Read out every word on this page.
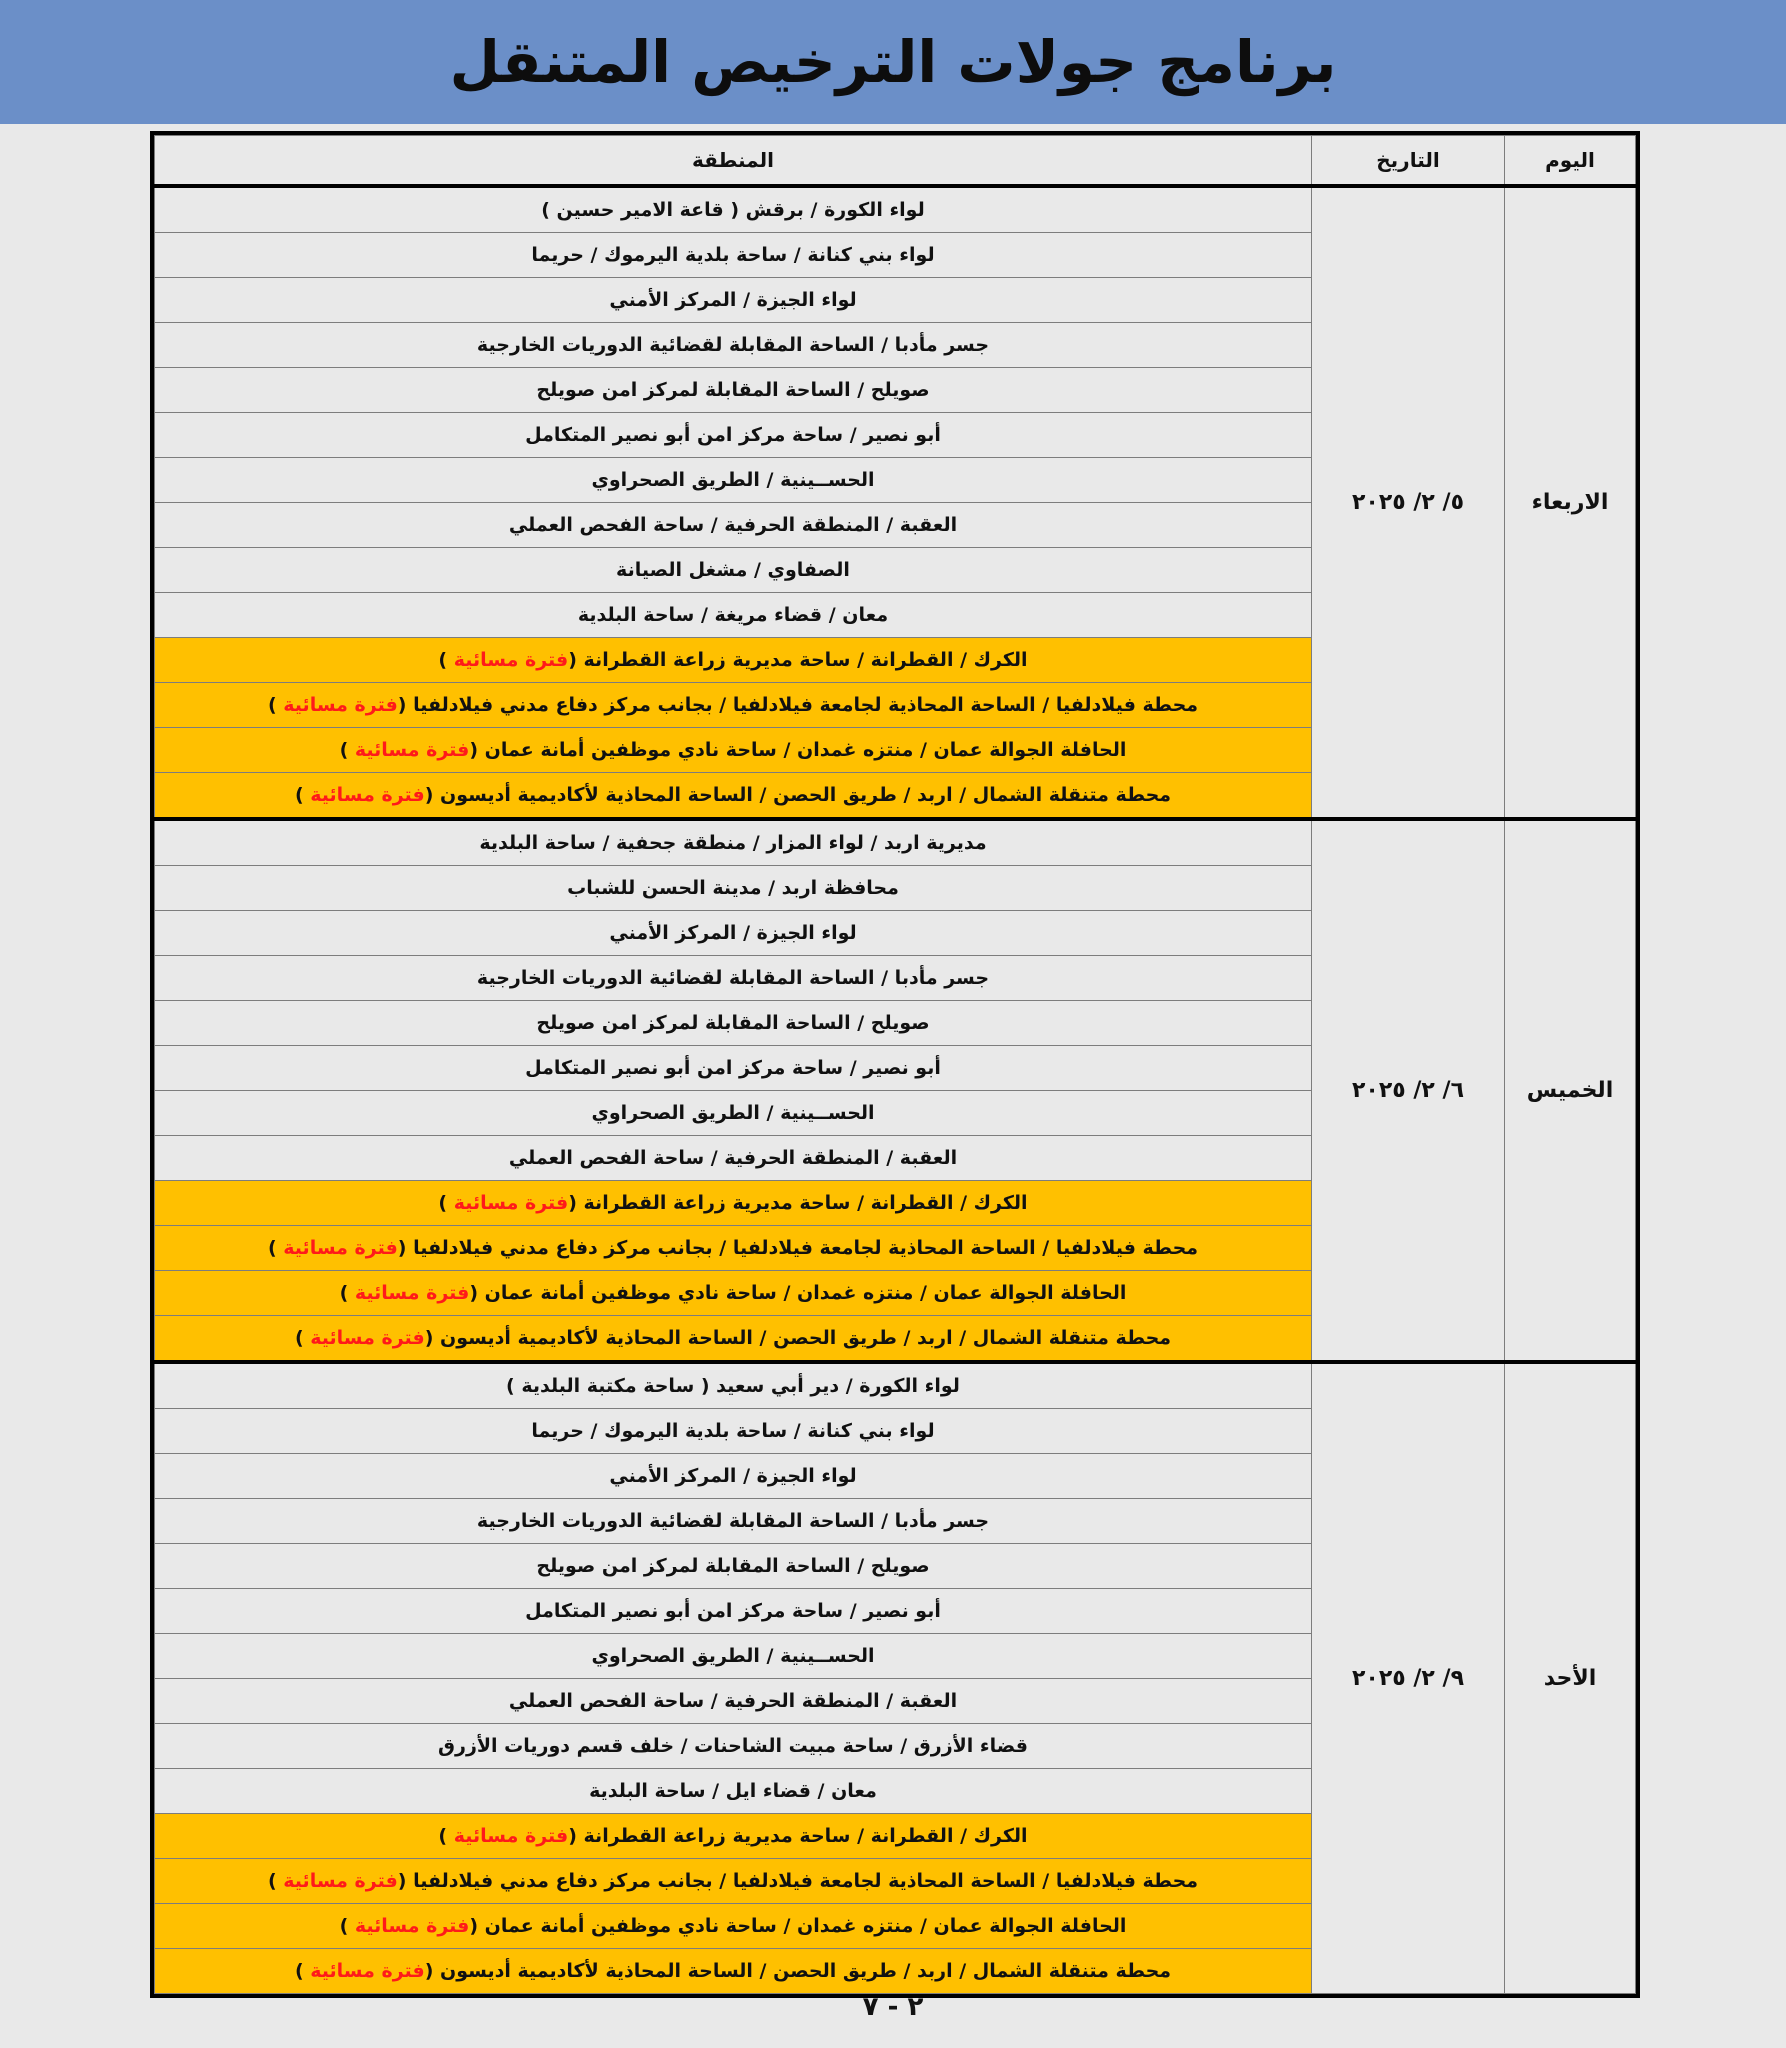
برنامج جولات الترخيص المتنقل
اليوم	التاريخ	المنطقة
الاربعاء	٥/ ٢/ ٢٠٢٥	لواء الكورة / برقش ( قاعة الامير حسين )
		لواء بني كنانة / ساحة بلدية اليرموك / حريما
		لواء الجيزة / المركز الأمني
		جسر مأدبا / الساحة المقابلة لقضائية الدوريات الخارجية
		صويلح / الساحة المقابلة لمركز امن صويلح
		أبو نصير / ساحة مركز امن أبو نصير المتكامل
		الحســينية / الطريق الصحراوي
		العقبة / المنطقة الحرفية / ساحة الفحص العملي
		الصفاوي / مشغل الصيانة
		معان / قضاء مريغة / ساحة البلدية
		الكرك / القطرانة / ساحة مديرية زراعة القطرانة (فترة مسائية )
		محطة فيلادلفيا / الساحة المحاذية لجامعة فيلادلفيا / بجانب مركز دفاع مدني فيلادلفيا (فترة مسائية )
		الحافلة الجوالة عمان / منتزه غمدان / ساحة نادي موظفين أمانة عمان (فترة مسائية )
		محطة متنقلة الشمال / اربد / طريق الحصن / الساحة المحاذية لأكاديمية أديسون (فترة مسائية )
الخميس	٦/ ٢/ ٢٠٢٥	مديرية اربد / لواء المزار / منطقة جحفية / ساحة البلدية
		محافظة اربد / مدينة الحسن للشباب
		لواء الجيزة / المركز الأمني
		جسر مأدبا / الساحة المقابلة لقضائية الدوريات الخارجية
		صويلح / الساحة المقابلة لمركز امن صويلح
		أبو نصير / ساحة مركز امن أبو نصير المتكامل
		الحســينية / الطريق الصحراوي
		العقبة / المنطقة الحرفية / ساحة الفحص العملي
		الكرك / القطرانة / ساحة مديرية زراعة القطرانة (فترة مسائية )
		محطة فيلادلفيا / الساحة المحاذية لجامعة فيلادلفيا / بجانب مركز دفاع مدني فيلادلفيا (فترة مسائية )
		الحافلة الجوالة عمان / منتزه غمدان / ساحة نادي موظفين أمانة عمان (فترة مسائية )
		محطة متنقلة الشمال / اربد / طريق الحصن / الساحة المحاذية لأكاديمية أديسون (فترة مسائية )
الأحد	٩/ ٢/ ٢٠٢٥	لواء الكورة / دير أبي سعيد ( ساحة مكتبة البلدية )
		لواء بني كنانة / ساحة بلدية اليرموك / حريما
		لواء الجيزة / المركز الأمني
		جسر مأدبا / الساحة المقابلة لقضائية الدوريات الخارجية
		صويلح / الساحة المقابلة لمركز امن صويلح
		أبو نصير / ساحة مركز امن أبو نصير المتكامل
		الحســينية / الطريق الصحراوي
		العقبة / المنطقة الحرفية / ساحة الفحص العملي
		قضاء الأزرق / ساحة مبيت الشاحنات / خلف قسم دوريات الأزرق
		معان / قضاء ايل / ساحة البلدية
		الكرك / القطرانة / ساحة مديرية زراعة القطرانة (فترة مسائية )
		محطة فيلادلفيا / الساحة المحاذية لجامعة فيلادلفيا / بجانب مركز دفاع مدني فيلادلفيا (فترة مسائية )
		الحافلة الجوالة عمان / منتزه غمدان / ساحة نادي موظفين أمانة عمان (فترة مسائية )
		محطة متنقلة الشمال / اربد / طريق الحصن / الساحة المحاذية لأكاديمية أديسون (فترة مسائية )
٢ - ٧
